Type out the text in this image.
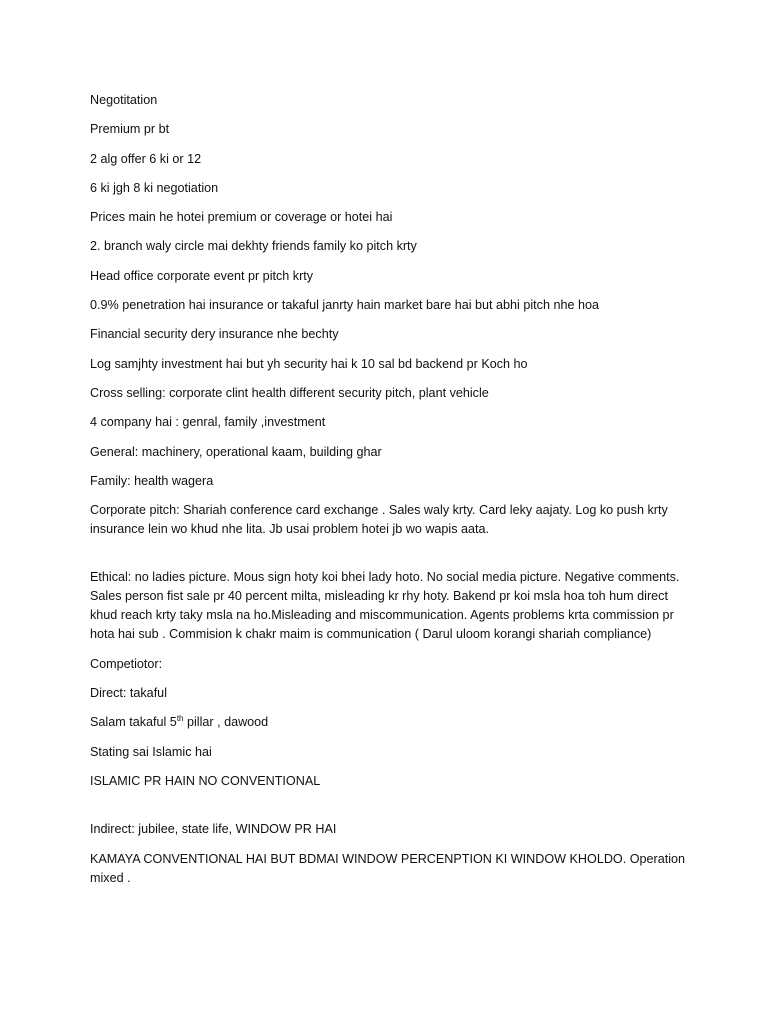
Negotitation

Premium pr bt

2 alg offer 6 ki or 12

6 ki jgh 8 ki negotiation

Prices main he hotei premium or coverage or hotei hai

2. branch waly circle mai dekhty friends family ko pitch krty

Head office corporate event pr pitch krty

0.9% penetration hai insurance or takaful janrty hain market bare hai but abhi pitch nhe hoa

Financial security dery insurance nhe bechty

Log samjhty investment hai but yh security hai k 10 sal bd backend pr Koch ho

Cross selling: corporate clint health different security pitch, plant vehicle

4 company hai : genral, family ,investment

General: machinery, operational kaam, building ghar

Family: health wagera

Corporate pitch: Shariah conference card exchange . Sales waly krty. Card leky aajaty. Log ko push krty insurance lein wo khud nhe lita. Jb usai problem hotei jb wo wapis aata.

Ethical: no ladies picture. Mous sign hoty koi bhei lady hoto. No social media picture. Negative comments. Sales person fist sale pr 40 percent milta, misleading kr rhy hoty. Bakend pr koi msla hoa toh hum direct khud reach krty taky msla na ho.Misleading and miscommunication. Agents problems krta commission pr hota hai sub . Commision k chakr maim is communication ( Darul uloom korangi shariah compliance)

Competiotor:

Direct: takaful

Salam takaful 5th pillar , dawood

Stating sai Islamic hai

ISLAMIC PR HAIN NO CONVENTIONAL

Indirect: jubilee, state life, WINDOW PR HAI

KAMAYA CONVENTIONAL HAI BUT BDMAI WINDOW PERCENPTION KI WINDOW KHOLDO. Operation mixed .
